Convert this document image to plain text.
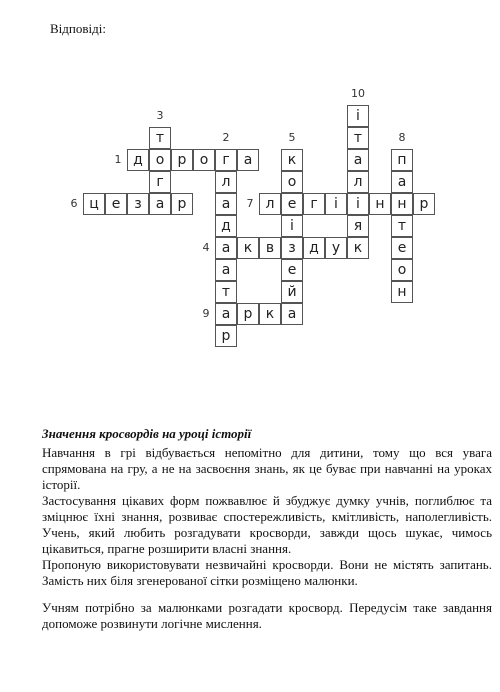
Відповіді:
д о р о	г	а
л
а
д
а
а
т
а
р
т
г
а
к в	з д у к
к
о
е
і
е
й
ц е з	р	л	г	і	і	н н р
п
а
т
е
о
н
р к а
і
т
а
л
я
1
2
3
4
5
6	7
8
9
10

Значення кросвордів на уроці історії

Навчання в грі відбувається непомітно для дитини, тому що вся увага спрямована на гру, а не на засвоєння знань, як це буває при навчанні на уроках історії.

Застосування цікавих форм пожвавлює й збуджує думку учнів, поглиблює та зміцнює їхні знання, розвиває спостережливість, кмітливість, наполегливість. Учень, який любить розгадувати кросворди, завжди щось шукає, чимось цікавиться, прагне розширити власні знання.

Пропоную використовувати незвичайні кросворди. Вони не містять запитань. Замість них біля згенерованої сітки розміщено малюнки.

Учням потрібно за малюнками розгадати кросворд. Передусім таке завдання допоможе розвинути логічне мислення.
